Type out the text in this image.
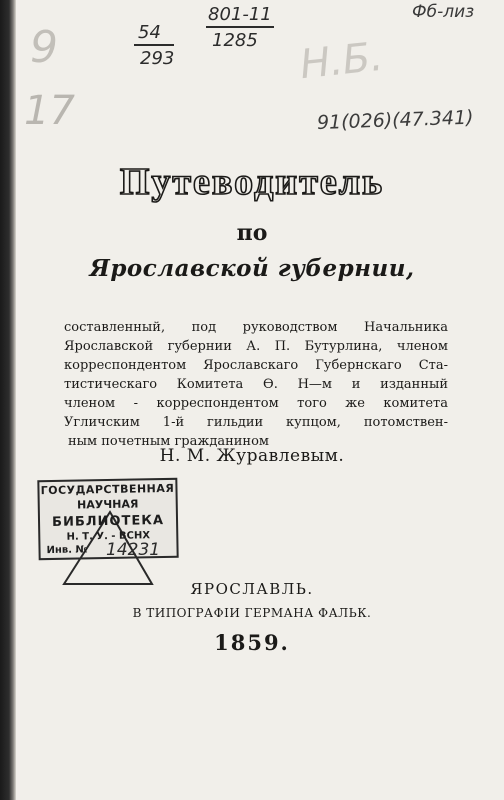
9
17
Н.Б.
54
293
801-11
1285
Фб-лиз
91(026)(47.341)
Путеводитель
по
Ярославской губернии,
составленный, под руководством Начальника
Ярославской губернии А. П. Бутурлина, членом
корреспондентом Ярославскаго Губернскаго Ста-
тистическаго Комитета Ѳ. Н—м и изданный
членом - корреспондентом того же комитета
Угличским 1-й гильдии купцом, потомствен-
ным почетным гражданином
Н. М. Журавлевым.
ГОСУДАРСТВЕННАЯ
НАУЧНАЯ
БИБЛИОТЕКА
Н. Т. У. - ВСНХ
Инв. № 14231
ЯРОСЛАВЛЬ.
В ТИПОГРАФІИ ГЕРМАНА ФАЛЬК.
1859.
